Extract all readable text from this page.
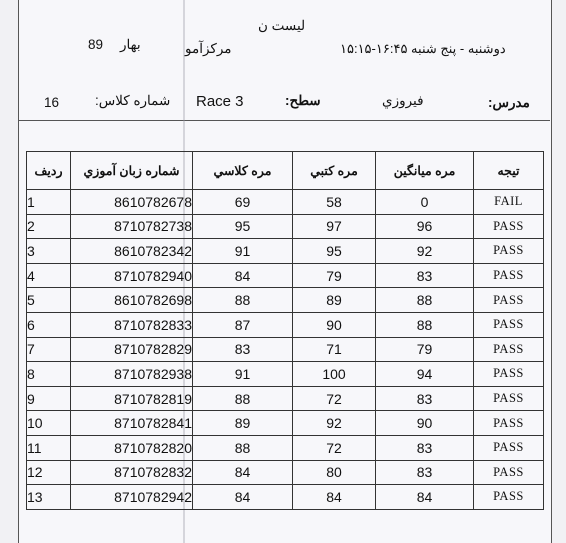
لیست ن
89 بهار	مرکزآمو	دوشنبه - پنج شنبه ۱۶:۴۵-۱۵:۱۵
16	شماره کلاس: Race 3	سطح:	فیروزي	مدرس:
ردیف	شماره زبان آموزي	مره كلاسي	مره كتبي	مره ميانگين	تيجه
1	8610782678	69	58	0	FAIL
2	8710782738	95	97	96	PASS
3	8610782342	91	95	92	PASS
4	8710782940	84	79	83	PASS
5	8610782698	88	89	88	PASS
6	8710782833	87	90	88	PASS
7	8710782829	83	71	79	PASS
8	8710782938	91	100	94	PASS
9	8710782819	88	72	83	PASS
10	8710782841	89	92	90	PASS
11	8710782820	88	72	83	PASS
12	8710782832	84	80	83	PASS
13	8710782942	84	84	84	PASS
